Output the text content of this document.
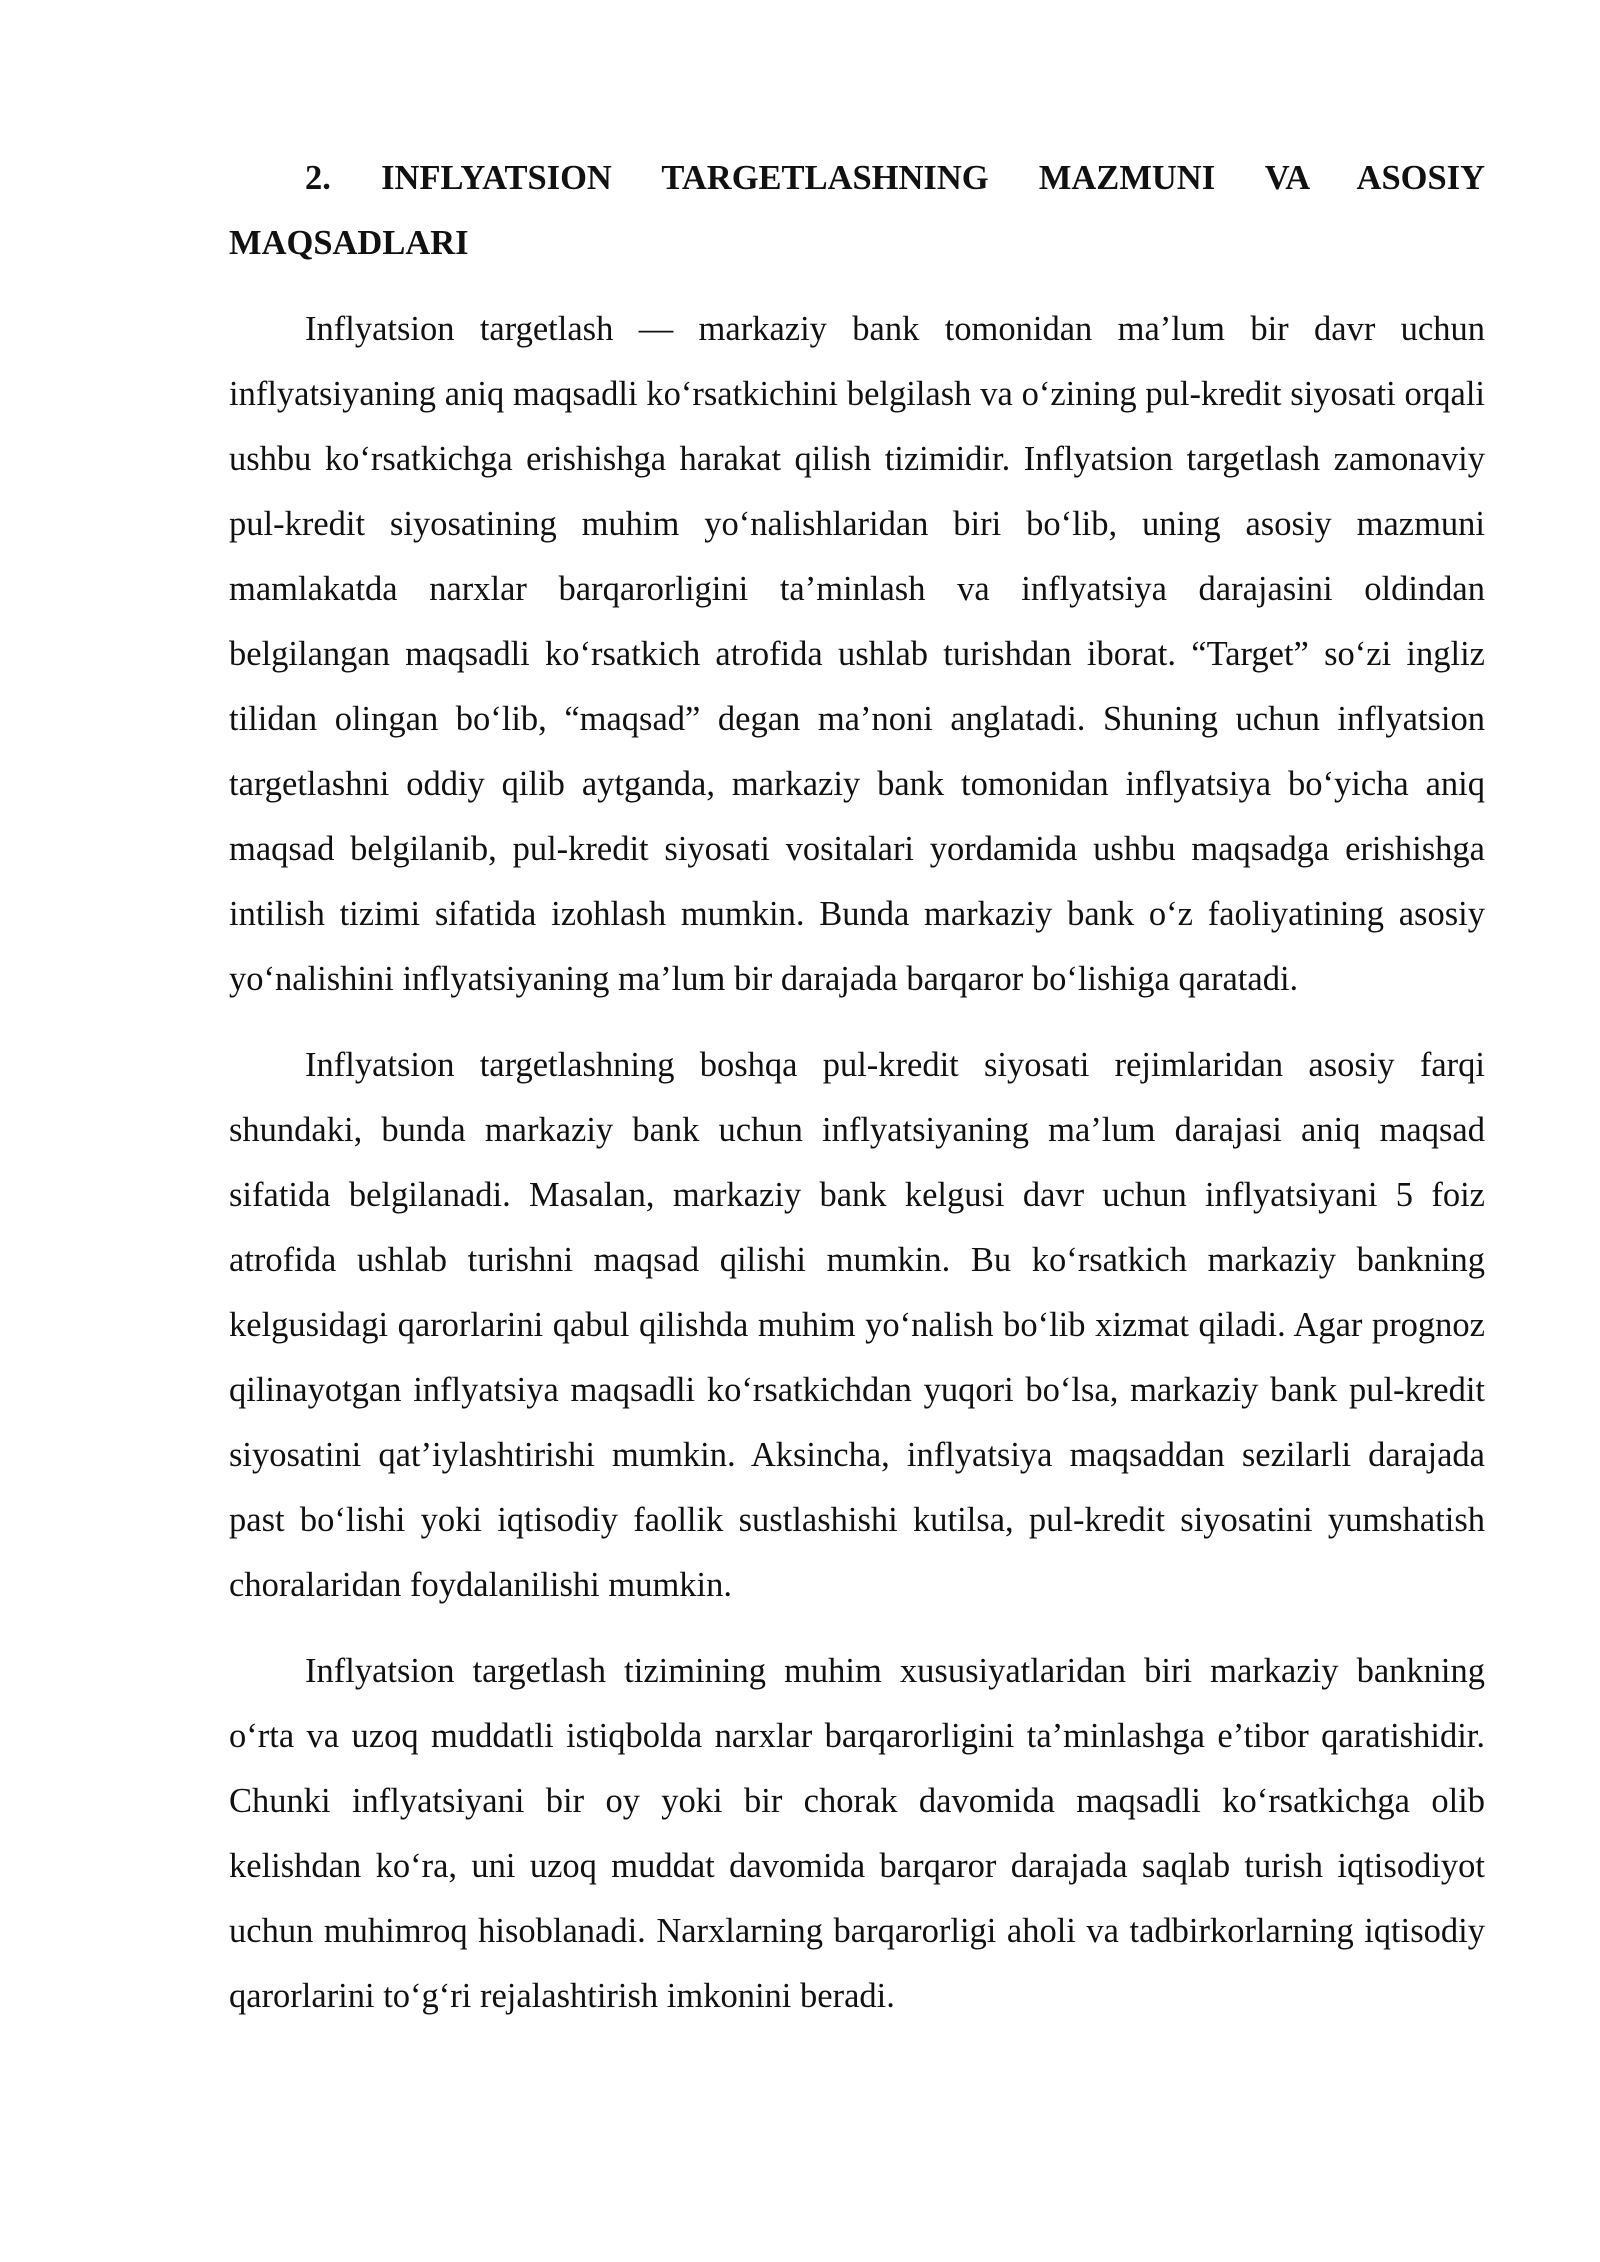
2. INFLYATSION TARGETLASHNING MAZMUNI VA ASOSIY MAQSADLARI

Inflyatsion targetlash — markaziy bank tomonidan ma’lum bir davr uchun inflyatsiyaning aniq maqsadli ko‘rsatkichini belgilash va o‘zining pul-kredit siyosati orqali ushbu ko‘rsatkichga erishishga harakat qilish tizimidir. Inflyatsion targetlash zamonaviy pul-kredit siyosatining muhim yo‘nalishlaridan biri bo‘lib, uning asosiy mazmuni mamlakatda narxlar barqarorligini ta’minlash va inflyatsiya darajasini oldindan belgilangan maqsadli ko‘rsatkich atrofida ushlab turishdan iborat. “Target” so‘zi ingliz tilidan olingan bo‘lib, “maqsad” degan ma’noni anglatadi. Shuning uchun inflyatsion targetlashni oddiy qilib aytganda, markaziy bank tomonidan inflyatsiya bo‘yicha aniq maqsad belgilanib, pul-kredit siyosati vositalari yordamida ushbu maqsadga erishishga intilish tizimi sifatida izohlash mumkin. Bunda markaziy bank o‘z faoliyatining asosiy yo‘nalishini inflyatsiyaning ma’lum bir darajada barqaror bo‘lishiga qaratadi.

Inflyatsion targetlashning boshqa pul-kredit siyosati rejimlaridan asosiy farqi shundaki, bunda markaziy bank uchun inflyatsiyaning ma’lum darajasi aniq maqsad sifatida belgilanadi. Masalan, markaziy bank kelgusi davr uchun inflyatsiyani 5 foiz atrofida ushlab turishni maqsad qilishi mumkin. Bu ko‘rsatkich markaziy bankning kelgusidagi qarorlarini qabul qilishda muhim yo‘nalish bo‘lib xizmat qiladi. Agar prognoz qilinayotgan inflyatsiya maqsadli ko‘rsatkichdan yuqori bo‘lsa, markaziy bank pul-kredit siyosatini qat’iylashtirishi mumkin. Aksincha, inflyatsiya maqsaddan sezilarli darajada past bo‘lishi yoki iqtisodiy faollik sustlashishi kutilsa, pul-kredit siyosatini yumshatish choralaridan foydalanilishi mumkin.

Inflyatsion targetlash tizimining muhim xususiyatlaridan biri markaziy bankning o‘rta va uzoq muddatli istiqbolda narxlar barqarorligini ta’minlashga e’tibor qaratishidir. Chunki inflyatsiyani bir oy yoki bir chorak davomida maqsadli ko‘rsatkichga olib kelishdan ko‘ra, uni uzoq muddat davomida barqaror darajada saqlab turish iqtisodiyot uchun muhimroq hisoblanadi. Narxlarning barqarorligi aholi va tadbirkorlarning iqtisodiy qarorlarini to‘g‘ri rejalashtirish imkonini beradi.
